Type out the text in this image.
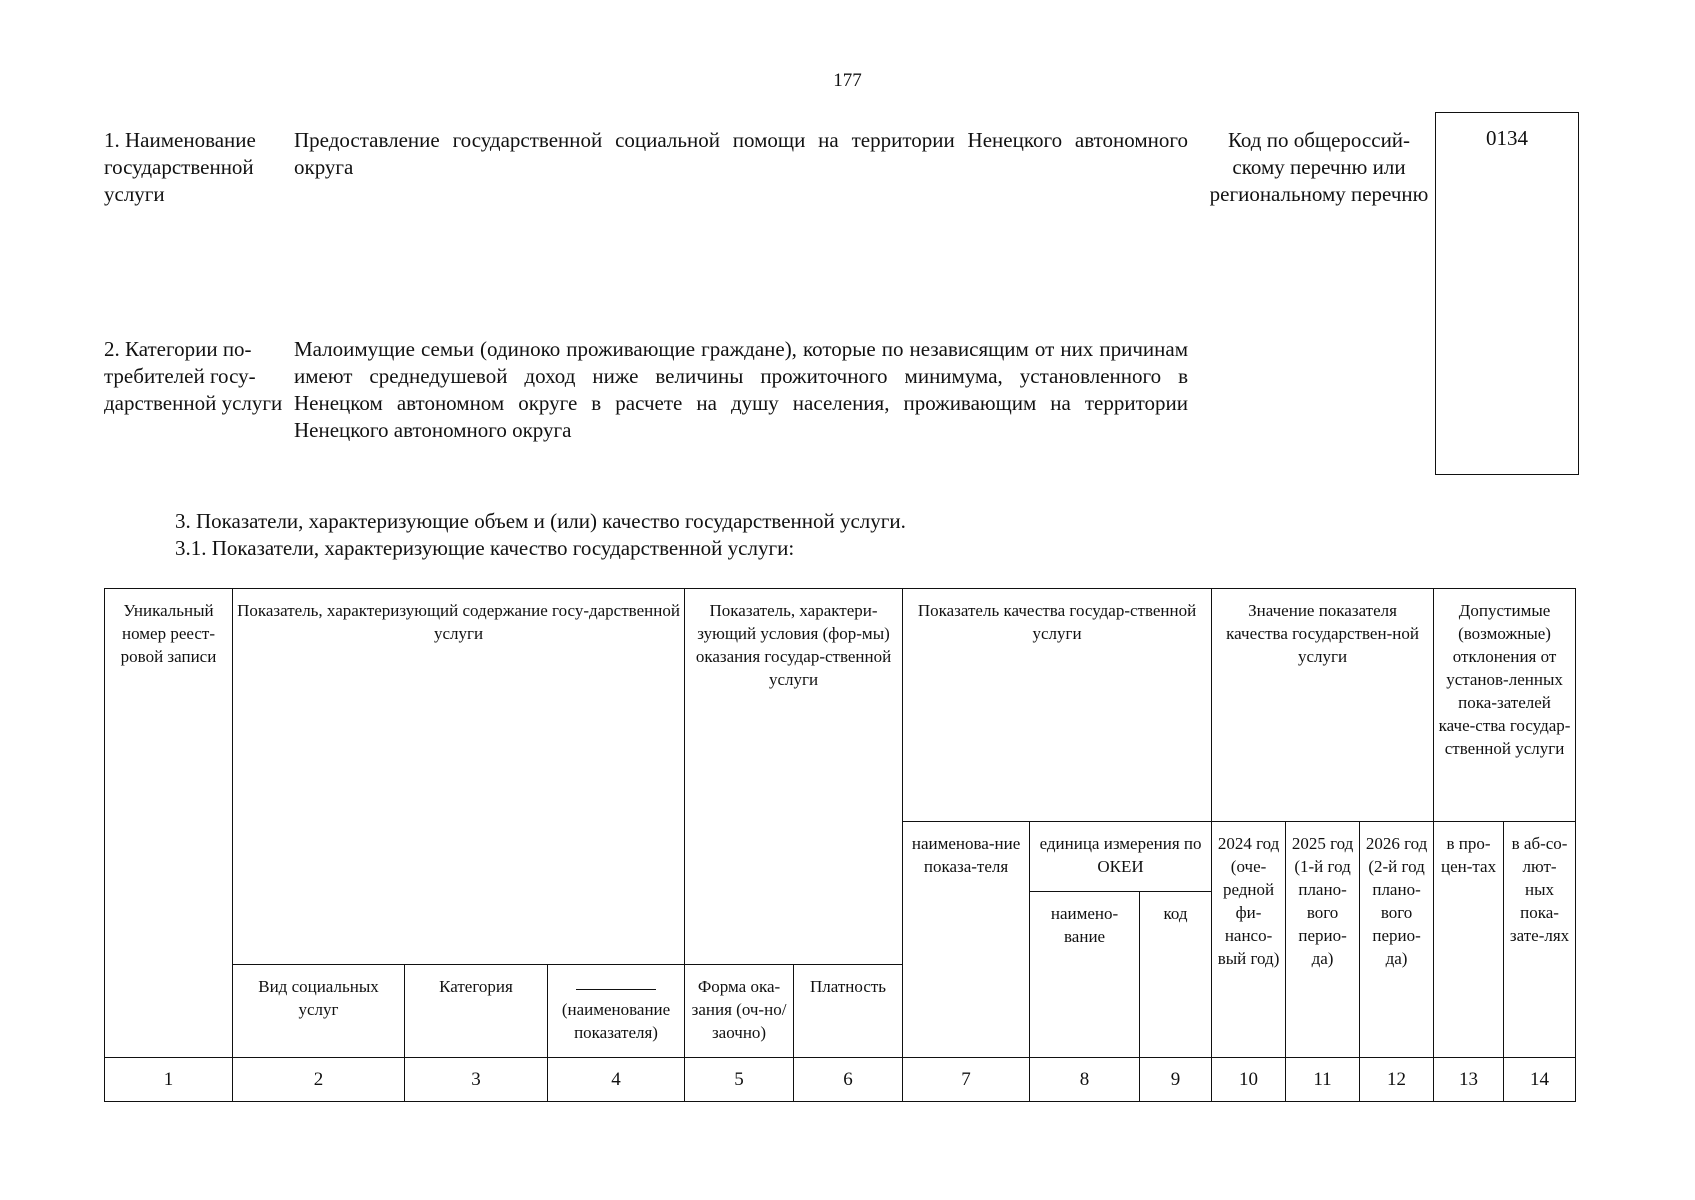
177
1. Наименование государственной услуги
Предоставление государственной социальной помощи на территории Ненецкого автономного округа
Код по общероссий-скому перечню или региональному перечню
0134
2. Категории по-требителей госу-дарственной услуги
Малоимущие семьи (одиноко проживающие граждане), которые по независящим от них причинам имеют среднедушевой доход ниже величины прожиточного минимума, установленного в Ненецком автономном округе в расчете на душу населения, проживающим на территории Ненецкого автономного округа
3. Показатели, характеризующие объем и (или) качество государственной услуги.
3.1. Показатели, характеризующие качество государственной услуги:
Уникальный номер реест-ровой записи	Показатель, характеризующий содержание госу-дарственной услуги			Показатель, характери-зующий условия (фор-мы) оказания государ-ственной услуги		Показатель качества государ-ственной услуги			Значение показателя качества государствен-ной услуги			Допустимые (возможные) отклонения от установ-ленных пока-зателей каче-ства государ-ственной услуги	
						наименова-ние показа-теля	единица измерения по ОКЕИ		2024 год (оче-редной фи-нансо-вый год)	2025 год (1-й год плано-вого перио-да)	2026 год (2-й год плано-вого перио-да)	в про-цен-тах	в аб-со-лют-ных пока-зате-лях
							наимено-вание	код					
	Вид социальных услуг	Категория	(наименование показателя)	Форма ока-зания (оч-но/заочно)	Платность								
1	2	3	4	5	6	7	8	9	10	11	12	13	14
